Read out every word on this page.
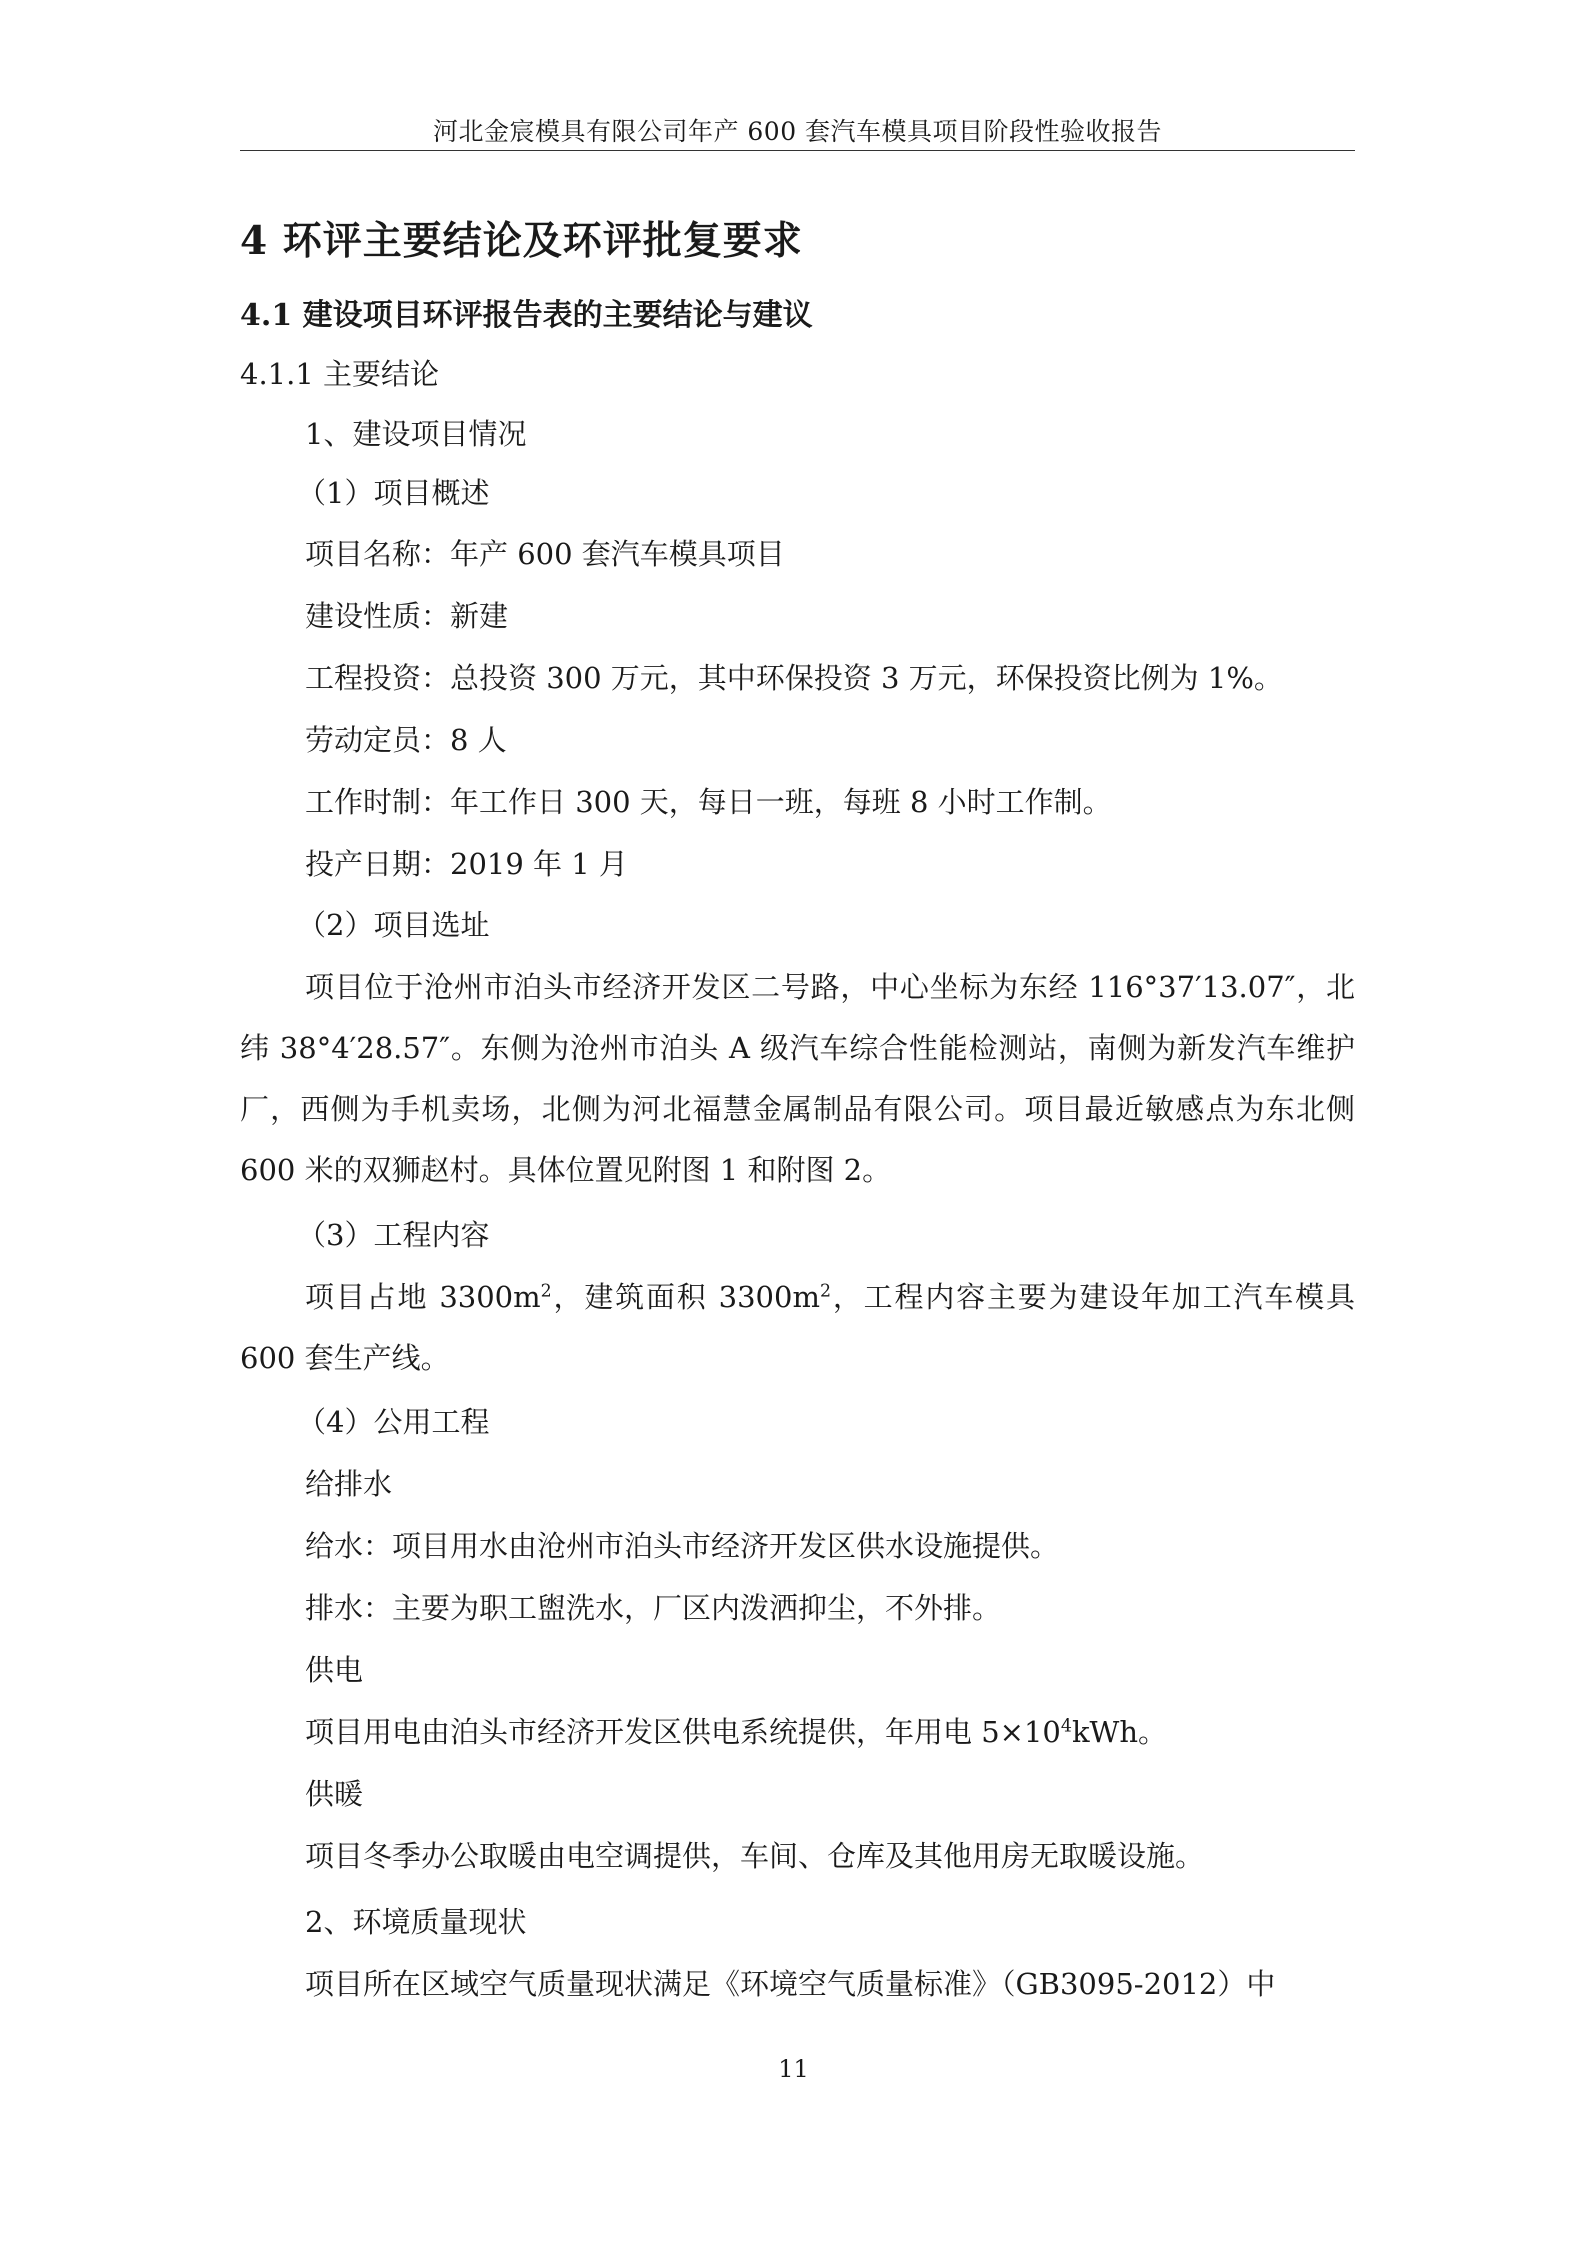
河北金宸模具有限公司年产 600 套汽车模具项目阶段性验收报告
4 环评主要结论及环评批复要求
4.1 建设项目环评报告表的主要结论与建议
4.1.1 主要结论
1、建设项目情况
（1）项目概述
项目名称：年产 600 套汽车模具项目
建设性质：新建
工程投资：总投资 300 万元，其中环保投资 3 万元，环保投资比例为 1%。
劳动定员：8 人
工作时制：年工作日 300 天，每日一班，每班 8 小时工作制。
投产日期：2019 年 1 月
（2）项目选址

项目位于沧州市泊头市经济开发区二号路，中心坐标为东经 116°37′13.07″，北纬 38°4′28.57″。东侧为沧州市泊头 A 级汽车综合性能检测站，南侧为新发汽车维护厂，西侧为手机卖场，北侧为河北福慧金属制品有限公司。项目最近敏感点为东北侧 600 米的双狮赵村。具体位置见附图 1 和附图 2。

（3）工程内容

项目占地 $3300m^2$，建筑面积 $3300m^2$，工程内容主要为建设年加工汽车模具 600 套生产线。

（4）公用工程
给排水
给水：项目用水由沧州市泊头市经济开发区供水设施提供。
排水：主要为职工盥洗水，厂区内泼洒抑尘，不外排。
供电
项目用电由泊头市经济开发区供电系统提供，年用电 $5\times 10^4kWh$。
供暖
项目冬季办公取暖由电空调提供，车间、仓库及其他用房无取暖设施。
2、环境质量现状
项目所在区域空气质量现状满足《环境空气质量标准》（GB3095-2012）中
11
